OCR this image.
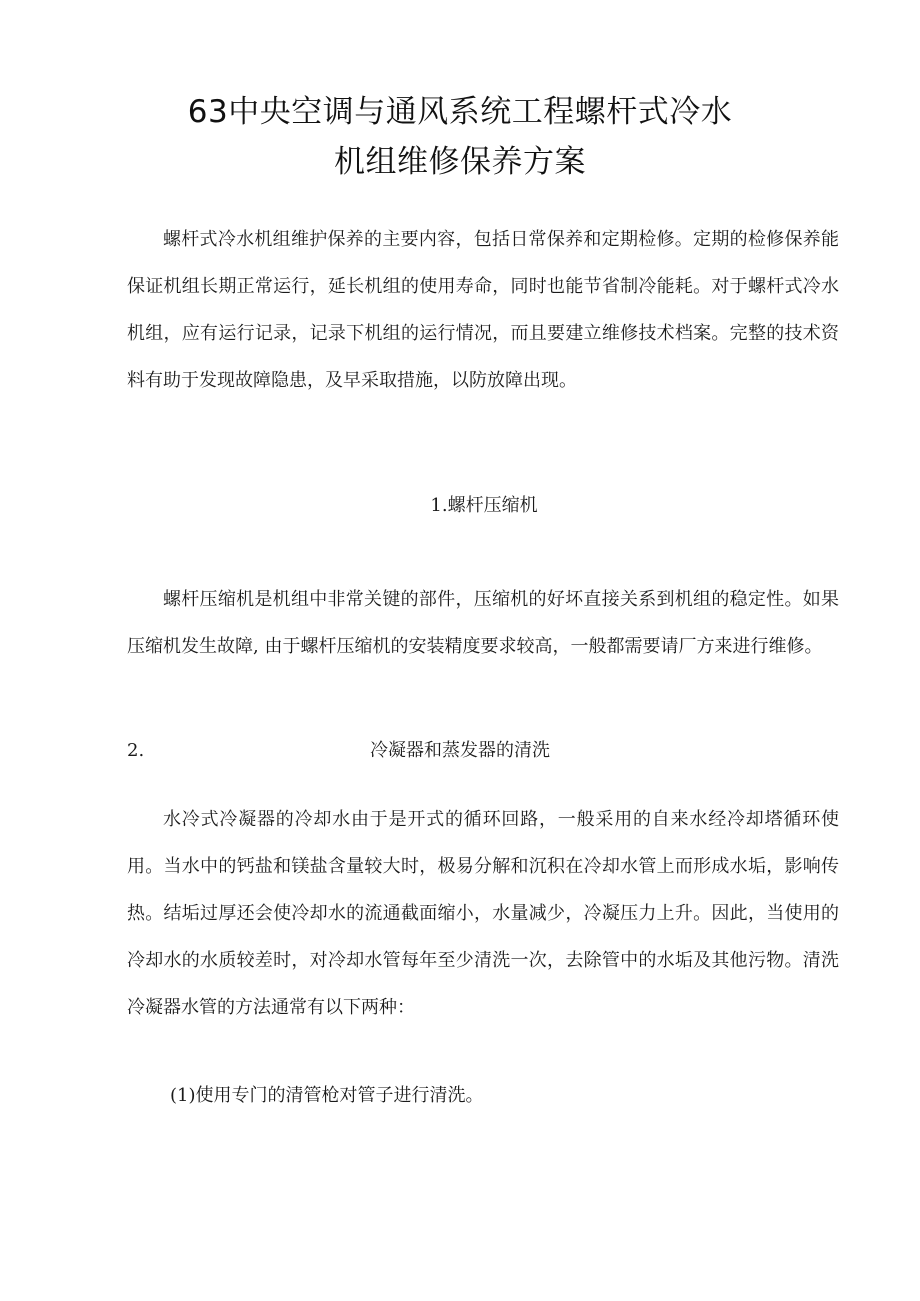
63中央空调与通风系统工程螺杆式冷水
机组维修保养方案

螺杆式冷水机组维护保养的主要内容，包括日常保养和定期检修。定期的检修保养能保证机组长期正常运行，延长机组的使用寿命，同时也能节省制冷能耗。对于螺杆式冷水机组，应有运行记录，记录下机组的运行情况，而且要建立维修技术档案。完整的技术资料有助于发现故障隐患，及早采取措施，以防放障出现。

1.螺杆压缩机

螺杆压缩机是机组中非常关键的部件，压缩机的好坏直接关系到机组的稳定性。如果压缩机发生故障, 由于螺杆压缩机的安装精度要求较高，一般都需要请厂方来进行维修。

2.	冷凝器和蒸发器的清洗

水冷式冷凝器的冷却水由于是开式的循环回路，一般采用的自来水经冷却塔循环使用。当水中的钙盐和镁盐含量较大时，极易分解和沉积在冷却水管上而形成水垢，影响传热。结垢过厚还会使冷却水的流通截面缩小，水量减少，冷凝压力上升。因此，当使用的冷却水的水质较差时，对冷却水管每年至少清洗一次，去除管中的水垢及其他污物。清洗冷凝器水管的方法通常有以下两种：

(1)使用专门的清管枪对管子进行清洗。
